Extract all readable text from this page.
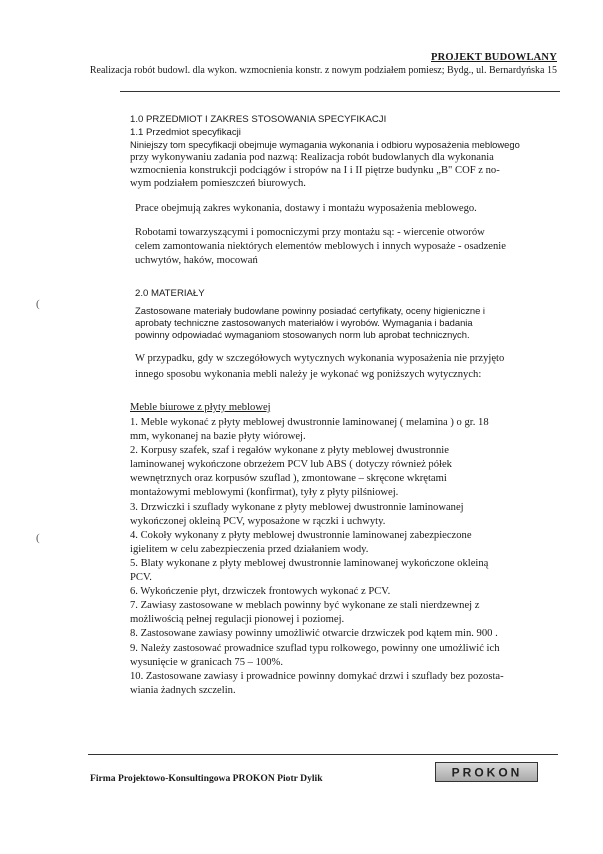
PROJEKT BUDOWLANY
Realizacja robót budowl. dla wykon. wzmocnienia konstr. z nowym podziałem pomiesz; Bydg., ul. Bernardyńska 15
(
(
1.0 PRZEDMIOT I ZAKRES STOSOWANIA SPECYFIKACJI
1.1 Przedmiot specyfikacji
Niniejszy tom specyfikacji obejmuje wymagania wykonania i odbioru wyposażenia meblowego
przy wykonywaniu zadania pod nazwą: Realizacja robót budowlanych dla wykonania
wzmocnienia konstrukcji podciągów i stropów na I i II piętrze budynku „B" COF z no-
wym podziałem pomieszczeń biurowych.
Prace obejmują zakres wykonania, dostawy i montażu wyposażenia meblowego.
Robotami towarzyszącymi i pomocniczymi przy montażu są: - wiercenie otworów
celem zamontowania niektórych elementów meblowych i innych wyposaże - osadzenie
uchwytów, haków, mocowań
2.0 MATERIAŁY
Zastosowane materiały budowlane powinny posiadać certyfikaty, oceny higieniczne i
aprobaty techniczne zastosowanych materiałów i wyrobów. Wymagania i badania
powinny odpowiadać wymaganiom stosowanych norm lub aprobat technicznych.
W przypadku, gdy w szczegółowych wytycznych wykonania wyposażenia nie przyjęto
innego sposobu wykonania mebli należy je wykonać wg poniższych wytycznych:
Meble biurowe z płyty meblowej
1. Meble wykonać z płyty meblowej dwustronnie laminowanej ( melamina ) o gr. 18
mm, wykonanej na bazie płyty wiórowej.
2. Korpusy szafek, szaf i regałów wykonane z płyty meblowej dwustronnie
laminowanej wykończone obrzeżem PCV lub ABS ( dotyczy również półek
wewnętrznych oraz korpusów szuflad ), zmontowane – skręcone wkrętami
montażowymi meblowymi (konfirmat), tyły z płyty pilśniowej.
3. Drzwiczki i szuflady wykonane z płyty meblowej dwustronnie laminowanej
wykończonej okleiną PCV, wyposażone w rączki i uchwyty.
4. Cokoły wykonany z płyty meblowej dwustronnie laminowanej zabezpieczone
igielitem w celu zabezpieczenia przed działaniem wody.
5. Blaty wykonane z płyty meblowej dwustronnie laminowanej wykończone okleiną
PCV.
6. Wykończenie płyt, drzwiczek frontowych wykonać z PCV.
7. Zawiasy zastosowane w meblach powinny być wykonane ze stali nierdzewnej z
możliwością pełnej regulacji pionowej i poziomej.
8. Zastosowane zawiasy powinny umożliwić otwarcie drzwiczek pod kątem min. 900 .
9. Należy zastosować prowadnice szuflad typu rolkowego, powinny one umożliwić ich
wysunięcie w granicach 75 – 100%.
10. Zastosowane zawiasy i prowadnice powinny domykać drzwi i szuflady bez pozosta-
wiania żadnych szczelin.
Firma Projektowo-Konsultingowa PROKON Piotr Dylik	PROKON
